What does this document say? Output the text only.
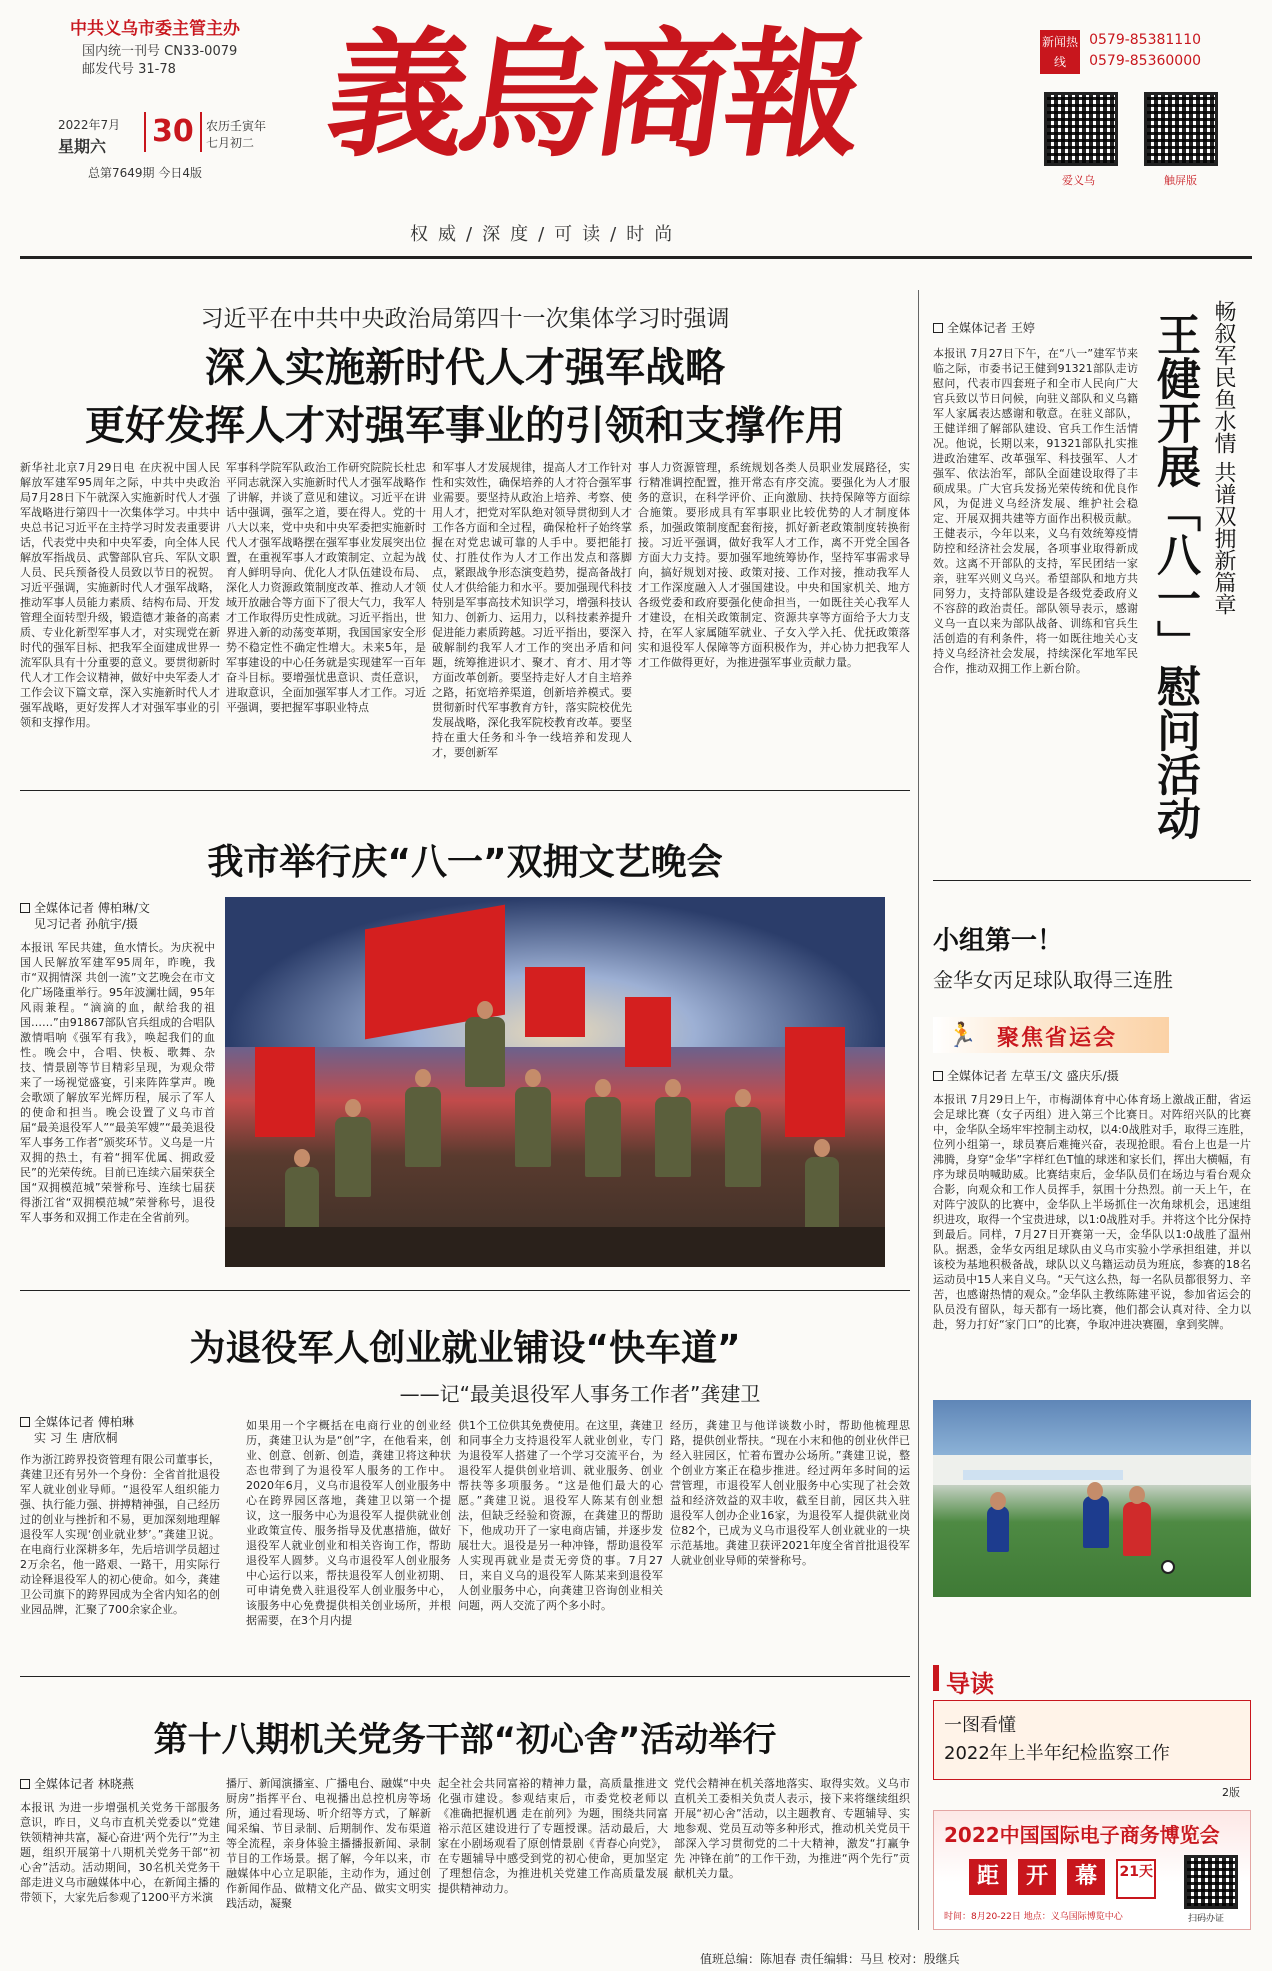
中共义乌市委主管主办
国内统一刊号 CN33-0079
邮发代号 31-78
2022年7月
星期六 30	农历壬寅年
七月初二
总第7649期 今日4版 義烏商報
权威/深度/可读/时尚
新闻热线
0579-85381110
0579-85360000
爱义乌	触屏版
习近平在中共中央政治局第四十一次集体学习时强调
深入实施新时代人才强军战略
更好发挥人才对强军事业的引领和支撑作用
新华社北京7月29日电 在庆祝中国人民解放军建军95周年之际，中共中央政治局7月28日下午就深入实施新时代人才强军战略进行第四十一次集体学习。中共中央总书记习近平在主持学习时发表重要讲话，代表党中央和中央军委，向全体人民解放军指战员、武警部队官兵、军队文职人员、民兵预备役人员致以节日的祝贺。习近平强调，实施新时代人才强军战略，推动军事人员能力素质、结构布局、开发管理全面转型升级，锻造德才兼备的高素质、专业化新型军事人才，对实现党在新时代的强军目标、把我军全面建成世界一流军队具有十分重要的意义。要贯彻新时代人才工作会议精神，做好中央军委人才工作会议下篇文章，深入实施新时代人才强军战略，更好发挥人才对强军事业的引领和支撑作用。
军事科学院军队政治工作研究院院长杜忠平同志就深入实施新时代人才强军战略作了讲解，并谈了意见和建议。习近平在讲话中强调，强军之道，要在得人。党的十八大以来，党中央和中央军委把实施新时代人才强军战略摆在强军事业发展突出位置，在重视军事人才政策制定、立起为战育人鲜明导向、优化人才队伍建设布局、深化人力资源政策制度改革、推动人才领域开放融合等方面下了很大气力，我军人才工作取得历史性成就。习近平指出，世界进入新的动荡变革期，我国国家安全形势不稳定性不确定性增大。未来5年，是军事建设的中心任务就是实现建军一百年奋斗目标。要增强忧患意识、责任意识，进取意识，全面加强军事人才工作。习近平强调，要把握军事职业特点
和军事人才发展规律，提高人才工作针对性和实效性，确保培养的人才符合强军事业需要。要坚持从政治上培养、考察、使用人才，把党对军队绝对领导贯彻到人才工作各方面和全过程，确保枪杆子始终掌握在对党忠诚可靠的人手中。要把能打仗、打胜仗作为人才工作出发点和落脚点，紧跟战争形态演变趋势，提高备战打仗人才供给能力和水平。要加强现代科技特别是军事高技术知识学习，增强科技认知力、创新力、运用力，以科技素养提升促进能力素质跨越。习近平指出，要深入破解制约我军人才工作的突出矛盾和问题，统筹推进识才、聚才、育才、用才等方面改革创新。要坚持走好人才自主培养之路，拓宽培养渠道，创新培养模式。要贯彻新时代军事教育方针，落实院校优先发展战略，深化我军院校教育改革。要坚持在重大任务和斗争一线培养和发现人才，要创新军
事人力资源管理，系统规划各类人员职业发展路径，实行精准调控配置，推开常态有序交流。要强化为人才服务的意识，在科学评价、正向激励、扶持保障等方面综合施策。要形成具有军事职业比较优势的人才制度体系，加强政策制度配套衔接，抓好新老政策制度转换衔接。习近平强调，做好我军人才工作，离不开党全国各方面大力支持。要加强军地统筹协作，坚持军事需求导向，搞好规划对接、政策对接、工作对接，推动我军人才工作深度融入人才强国建设。中央和国家机关、地方各级党委和政府要强化使命担当，一如既往关心我军人才建设，在相关政策制定、资源共享等方面给予大力支持，在军人家属随军就业、子女入学入托、优抚政策落实和退役军人保障等方面积极作为，并心协力把我军人才工作做得更好，为推进强军事业贡献力量。
全媒体记者 王婷	畅叙军民鱼水情 共谱双拥新篇章
王健开展「八一」慰问活动
本报讯 7月27日下午，在“八一”建军节来临之际，市委书记王健到91321部队走访慰问，代表市四套班子和全市人民向广大官兵致以节日问候，向驻义部队和义乌籍军人家属表达感谢和敬意。在驻义部队，王健详细了解部队建设、官兵工作生活情况。他说，长期以来，91321部队扎实推进政治建军、改革强军、科技强军、人才强军、依法治军，部队全面建设取得了丰硕成果。广大官兵发扬光荣传统和优良作风，为促进义乌经济发展、维护社会稳定、开展双拥共建等方面作出积极贡献。王健表示，今年以来，义乌有效统筹疫情防控和经济社会发展，各项事业取得新成效。这离不开部队的支持，军民团结一家亲，驻军兴则义乌兴。希望部队和地方共同努力，支持部队建设是各级党委政府义不容辞的政治责任。部队领导表示，感谢义乌一直以来为部队战备、训练和官兵生活创造的有利条件，将一如既往地关心支持义乌经济社会发展，持续深化军地军民合作，推动双拥工作上新台阶。
小组第一！
金华女丙足球队取得三连胜
🏃 聚焦省运会
全媒体记者 左草玉/文 盛庆乐/摄
本报讯 7月29日上午，市梅湖体育中心体育场上激战正酣，省运会足球比赛（女子丙组）进入第三个比赛日。对阵绍兴队的比赛中，金华队全场牢牢控制主动权，以4:0战胜对手，取得三连胜，位列小组第一，球员赛后难掩兴奋，表现抢眼。看台上也是一片沸腾，身穿“金华”字样红色T恤的球迷和家长们，挥出大横幅，有序为球员呐喊助威。比赛结束后，金华队员们在场边与看台观众合影，向观众和工作人员挥手，氛围十分热烈。前一天上午，在对阵宁波队的比赛中，金华队上半场抓住一次角球机会，迅速组织进攻，取得一个宝贵进球，以1:0战胜对手。并将这个比分保持到最后。同样，7月27日开赛第一天，金华队以1:0战胜了温州队。据悉，金华女丙组足球队由义乌市实验小学承担组建，并以该校为基地积极备战，球队以义乌籍运动员为班底，参赛的18名运动员中15人来自义乌。“天气这么热，每一名队员都很努力、辛苦，也感谢热情的观众。”金华队主教练陈建平说，参加省运会的队员没有留队，每天都有一场比赛，他们都会认真对待、全力以赴，努力打好“家门口”的比赛，争取冲进决赛圈，拿到奖牌。
导读
一图看懂
2022年上半年纪检监察工作
2版
2022中国国际电子商务博览会
距 开 幕 21天
时间：8月20-22日 地点：义乌国际博览中心	扫码办证
我市举行庆“八一”双拥文艺晚会
全媒体记者 傅柏琳/文
见习记者 孙航宇/摄
本报讯 军民共建，鱼水情长。为庆祝中国人民解放军建军95周年，昨晚，我市“双拥情深 共创一流”文艺晚会在市文化广场隆重举行。95年波澜壮阔，95年风雨兼程。“滴滴的血，献给我的祖国……”由91867部队官兵组成的合唱队激情唱响《强军有我》，唤起我们的血性。晚会中，合唱、快板、歌舞、杂技、情景剧等节目精彩呈现，为观众带来了一场视觉盛宴，引来阵阵掌声。晚会歌颂了解放军光辉历程，展示了军人的使命和担当。晚会设置了义乌市首届“最美退役军人”“最美军嫂”“最美退役军人事务工作者”颁奖环节。义乌是一片双拥的热土，有着“拥军优属、拥政爱民”的光荣传统。目前已连续六届荣获全国“双拥模范城”荣誉称号、连续七届获得浙江省“双拥模范城”荣誉称号，退役军人事务和双拥工作走在全省前列。
为退役军人创业就业铺设“快车道”
——记“最美退役军人事务工作者”龚建卫
全媒体记者 傅柏琳
实 习 生 唐欣桐
作为浙江跨界投资管理有限公司董事长，龚建卫还有另外一个身份：全省首批退役军人就业创业导师。“退役军人组织能力强、执行能力强、拼搏精神强，自己经历过的创业与挫折和不易，更加深刻地理解退役军人实现‘创业就业梦’。”龚建卫说。在电商行业深耕多年，先后培训学员超过2万余名，他一路艰、一路干，用实际行动诠释退役军人的初心使命。如今，龚建卫公司旗下的跨界园成为全省内知名的创业园品牌，汇聚了700余家企业。
如果用一个字概括在电商行业的创业经历，龚建卫认为是“创”字，在他看来，创业、创意、创新、创造，龚建卫将这种状态也带到了为退役军人服务的工作中。2020年6月，义乌市退役军人创业服务中心在跨界园区落地，龚建卫以第一个提议，这一服务中心为退役军人提供就业创业政策宣传、服务指导及优惠措施，做好退役军人就业创业和相关咨询工作，帮助退役军人圆梦。义乌市退役军人创业服务中心运行以来，帮扶退役军人创业初期、可申请免费入驻退役军人创业服务中心，该服务中心免费提供相关创业场所，并根据需要，在3个月内提
供1个工位供其免费使用。在这里，龚建卫和同事全力支持退役军人就业创业，专门为退役军人搭建了一个学习交流平台，为退役军人提供创业培训、就业服务、创业帮扶等多项服务。“这是他们最大的心愿。”龚建卫说。退役军人陈某有创业想法，但缺乏经验和资源，在龚建卫的帮助下，他成功开了一家电商店铺，并逐步发展壮大。退役是另一种冲锋，帮助退役军人实现再就业是责无旁贷的事。7月27日，来自义乌的退役军人陈某来到退役军人创业服务中心，向龚建卫咨询创业相关问题，两人交流了两个多小时。
经历，龚建卫与他详谈数小时，帮助他梳理思路，提供创业帮扶。“现在小末和他的创业伙伴已经入驻园区，忙着布置办公场所。”龚建卫说，整个创业方案正在稳步推进。经过两年多时间的运营管理，市退役军人创业服务中心实现了社会效益和经济效益的双丰收，截至目前，园区共入驻退役军人创办企业16家，为退役军人提供就业岗位82个，已成为义乌市退役军人创业就业的一块示范基地。龚建卫获评2021年度全省首批退役军人就业创业导师的荣誉称号。
第十八期机关党务干部“初心舍”活动举行
全媒体记者 林晓燕
本报讯 为进一步增强机关党务干部服务意识，昨日，义乌市直机关党委以“党建铁领精神共富，凝心奋进‘两个先行’”为主题，组织开展第十八期机关党务干部“初心舍”活动。活动期间，30名机关党务干部走进义乌市融媒体中心，在新闻主播的带领下，大家先后参观了1200平方米演
播厅、新闻演播室、广播电台、融媒“中央厨房”指挥平台、电视播出总控机房等场所，通过看现场、听介绍等方式，了解新闻采编、节目录制、后期制作、发布渠道等全流程，亲身体验主播播报新闻、录制节目的工作场景。据了解，今年以来，市融媒体中心立足职能，主动作为，通过创作新闻作品、做精文化产品、做实文明实践活动，凝聚
起全社会共同富裕的精神力量，高质量推进文化强市建设。参观结束后，市委党校老师以《准确把握机遇 走在前列》为题，围绕共同富裕示范区建设进行了专题授课。活动最后，大家在小剧场观看了原创情景剧《青春心向党》，在专题辅导中感受到党的初心使命，更加坚定了理想信念，为推进机关党建工作高质量发展提供精神动力。
党代会精神在机关落地落实、取得实效。义乌市直机关工委相关负责人表示，接下来将继续组织开展“初心舍”活动，以主题教育、专题辅导、实地参观、党员互动等多种形式，推动机关党员干部深入学习贯彻党的二十大精神，激发“打赢争先 冲锋在前”的工作干劲，为推进“两个先行”贡献机关力量。
值班总编：陈旭春 责任编辑：马旦 校对：殷继兵
